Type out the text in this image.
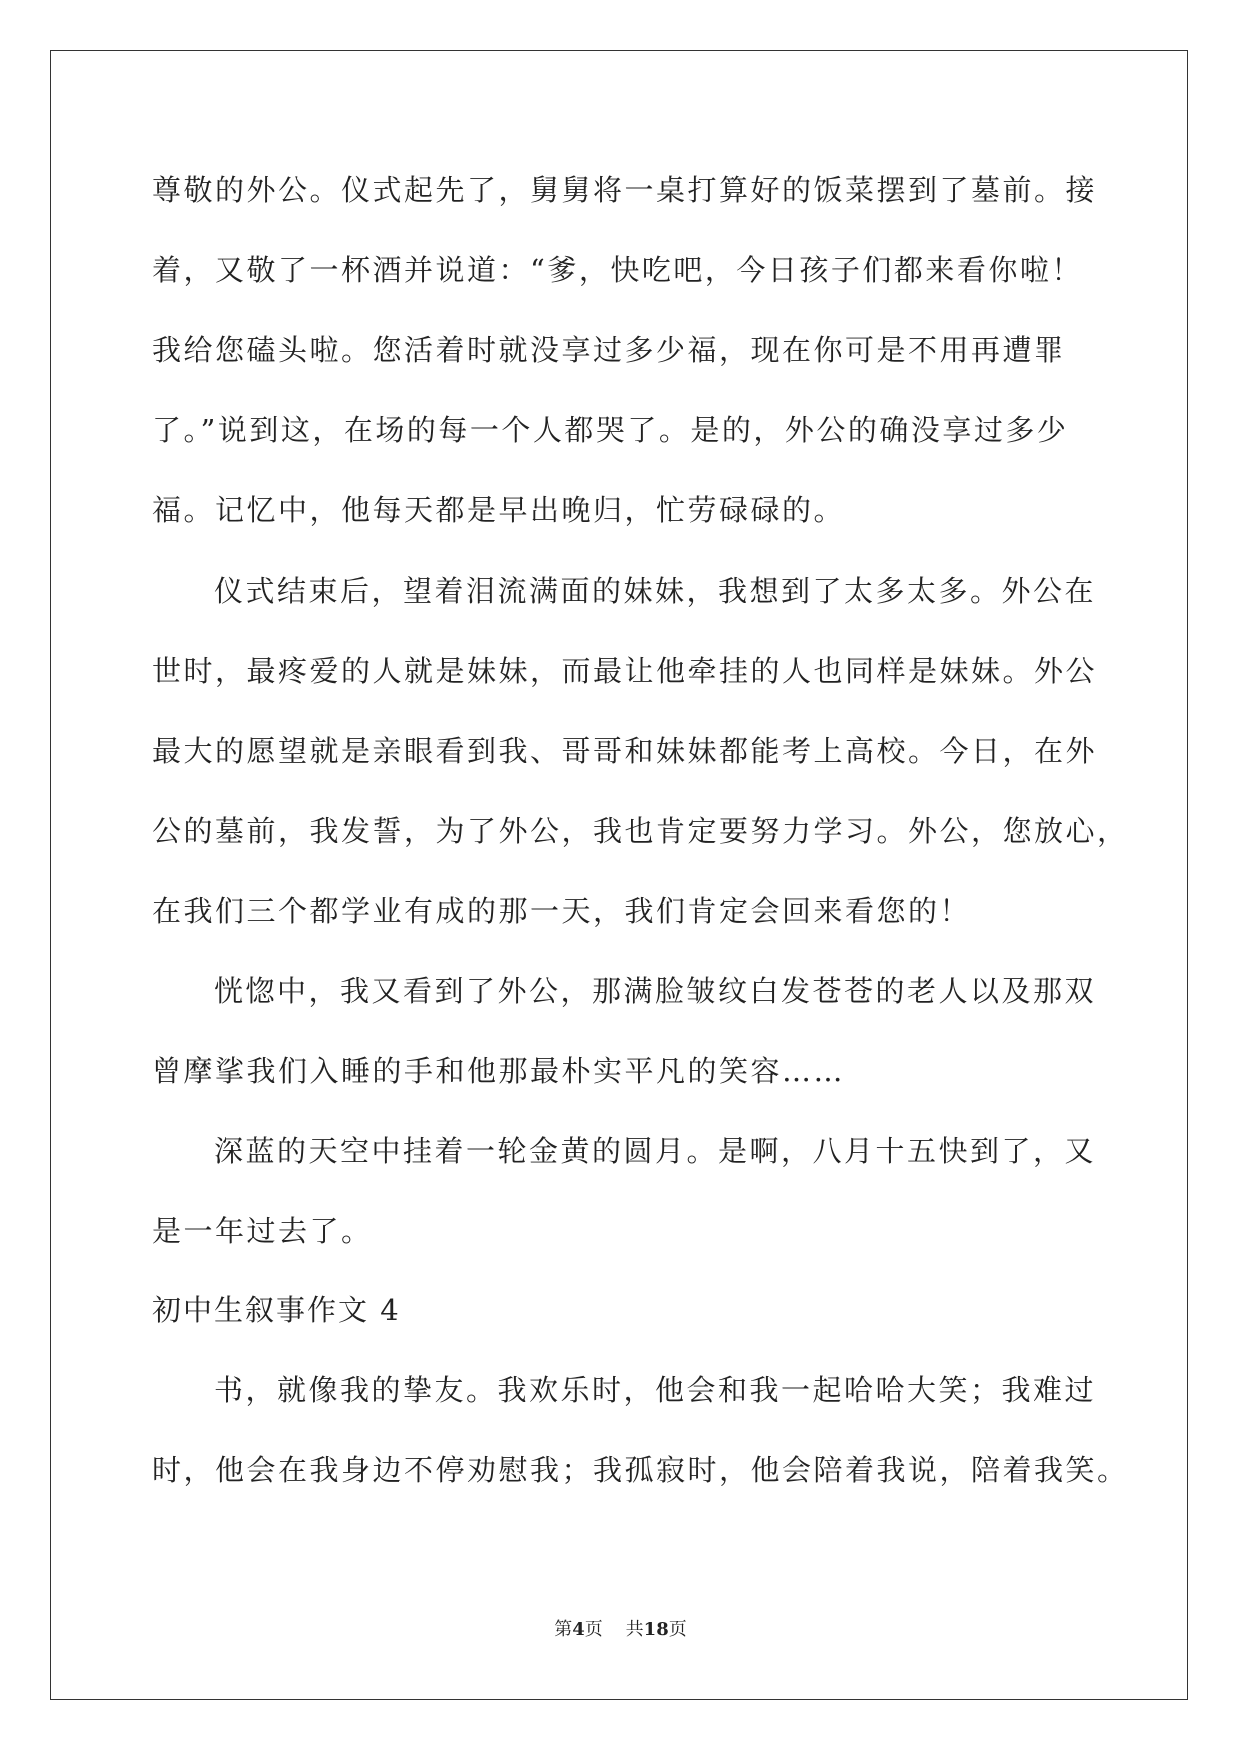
尊敬的外公。仪式起先了，舅舅将一桌打算好的饭菜摆到了墓前。接
着，又敬了一杯酒并说道：“爹，快吃吧，今日孩子们都来看你啦！
我给您磕头啦。您活着时就没享过多少福，现在你可是不用再遭罪
了。”说到这，在场的每一个人都哭了。是的，外公的确没享过多少
福。记忆中，他每天都是早出晚归，忙劳碌碌的。
仪式结束后，望着泪流满面的妹妹，我想到了太多太多。外公在
世时，最疼爱的人就是妹妹，而最让他牵挂的人也同样是妹妹。外公
最大的愿望就是亲眼看到我、哥哥和妹妹都能考上高校。今日，在外
公的墓前，我发誓，为了外公，我也肯定要努力学习。外公，您放心，
在我们三个都学业有成的那一天，我们肯定会回来看您的！
恍惚中，我又看到了外公，那满脸皱纹白发苍苍的老人以及那双
曾摩挲我们入睡的手和他那最朴实平凡的笑容……
深蓝的天空中挂着一轮金黄的圆月。是啊，八月十五快到了，又
是一年过去了。
初中生叙事作文 4
书，就像我的挚友。我欢乐时，他会和我一起哈哈大笑；我难过
时，他会在我身边不停劝慰我；我孤寂时，他会陪着我说，陪着我笑。
第4页 共18页
